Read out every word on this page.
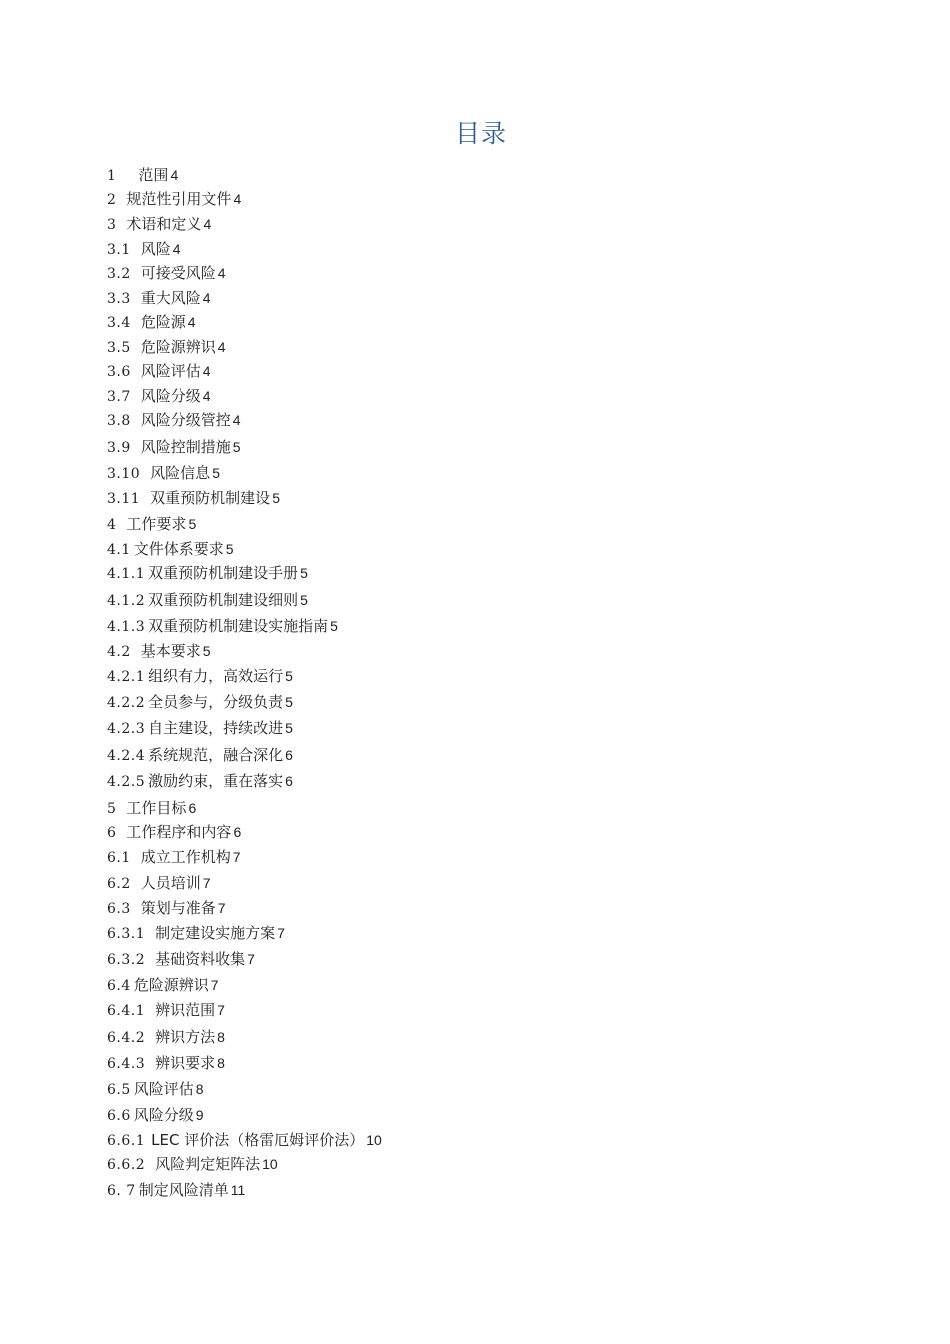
目录
1 范围 4
2 规范性引用文件 4
3 术语和定义 4
3.1 风险 4
3.2 可接受风险 4
3.3 重大风险 4
3.4 危险源 4
3.5 危险源辨识 4
3.6 风险评估 4
3.7 风险分级 4
3.8 风险分级管控 4
3.9 风险控制措施 5
3.10 风险信息 5
3.11 双重预防机制建设 5
4 工作要求 5
4.1 文件体系要求 5
4.1.1 双重预防机制建设手册 5
4.1.2 双重预防机制建设细则 5
4.1.3 双重预防机制建设实施指南 5
4.2 基本要求 5
4.2.1 组织有力，高效运行 5
4.2.2 全员参与，分级负责 5
4.2.3 自主建设，持续改进 5
4.2.4 系统规范，融合深化 6
4.2.5 激励约束，重在落实 6
5 工作目标 6
6 工作程序和内容 6
6.1 成立工作机构 7
6.2 人员培训 7
6.3 策划与准备 7
6.3.1 制定建设实施方案 7
6.3.2 基础资料收集 7
6.4 危险源辨识 7
6.4.1 辨识范围 7
6.4.2 辨识方法 8
6.4.3 辨识要求 8
6.5 风险评估 8
6.6 风险分级 9
6.6.1 LEC 评价法（格雷厄姆评价法） 10
6.6.2 风险判定矩阵法 10
6. 7 制定风险清单 11
